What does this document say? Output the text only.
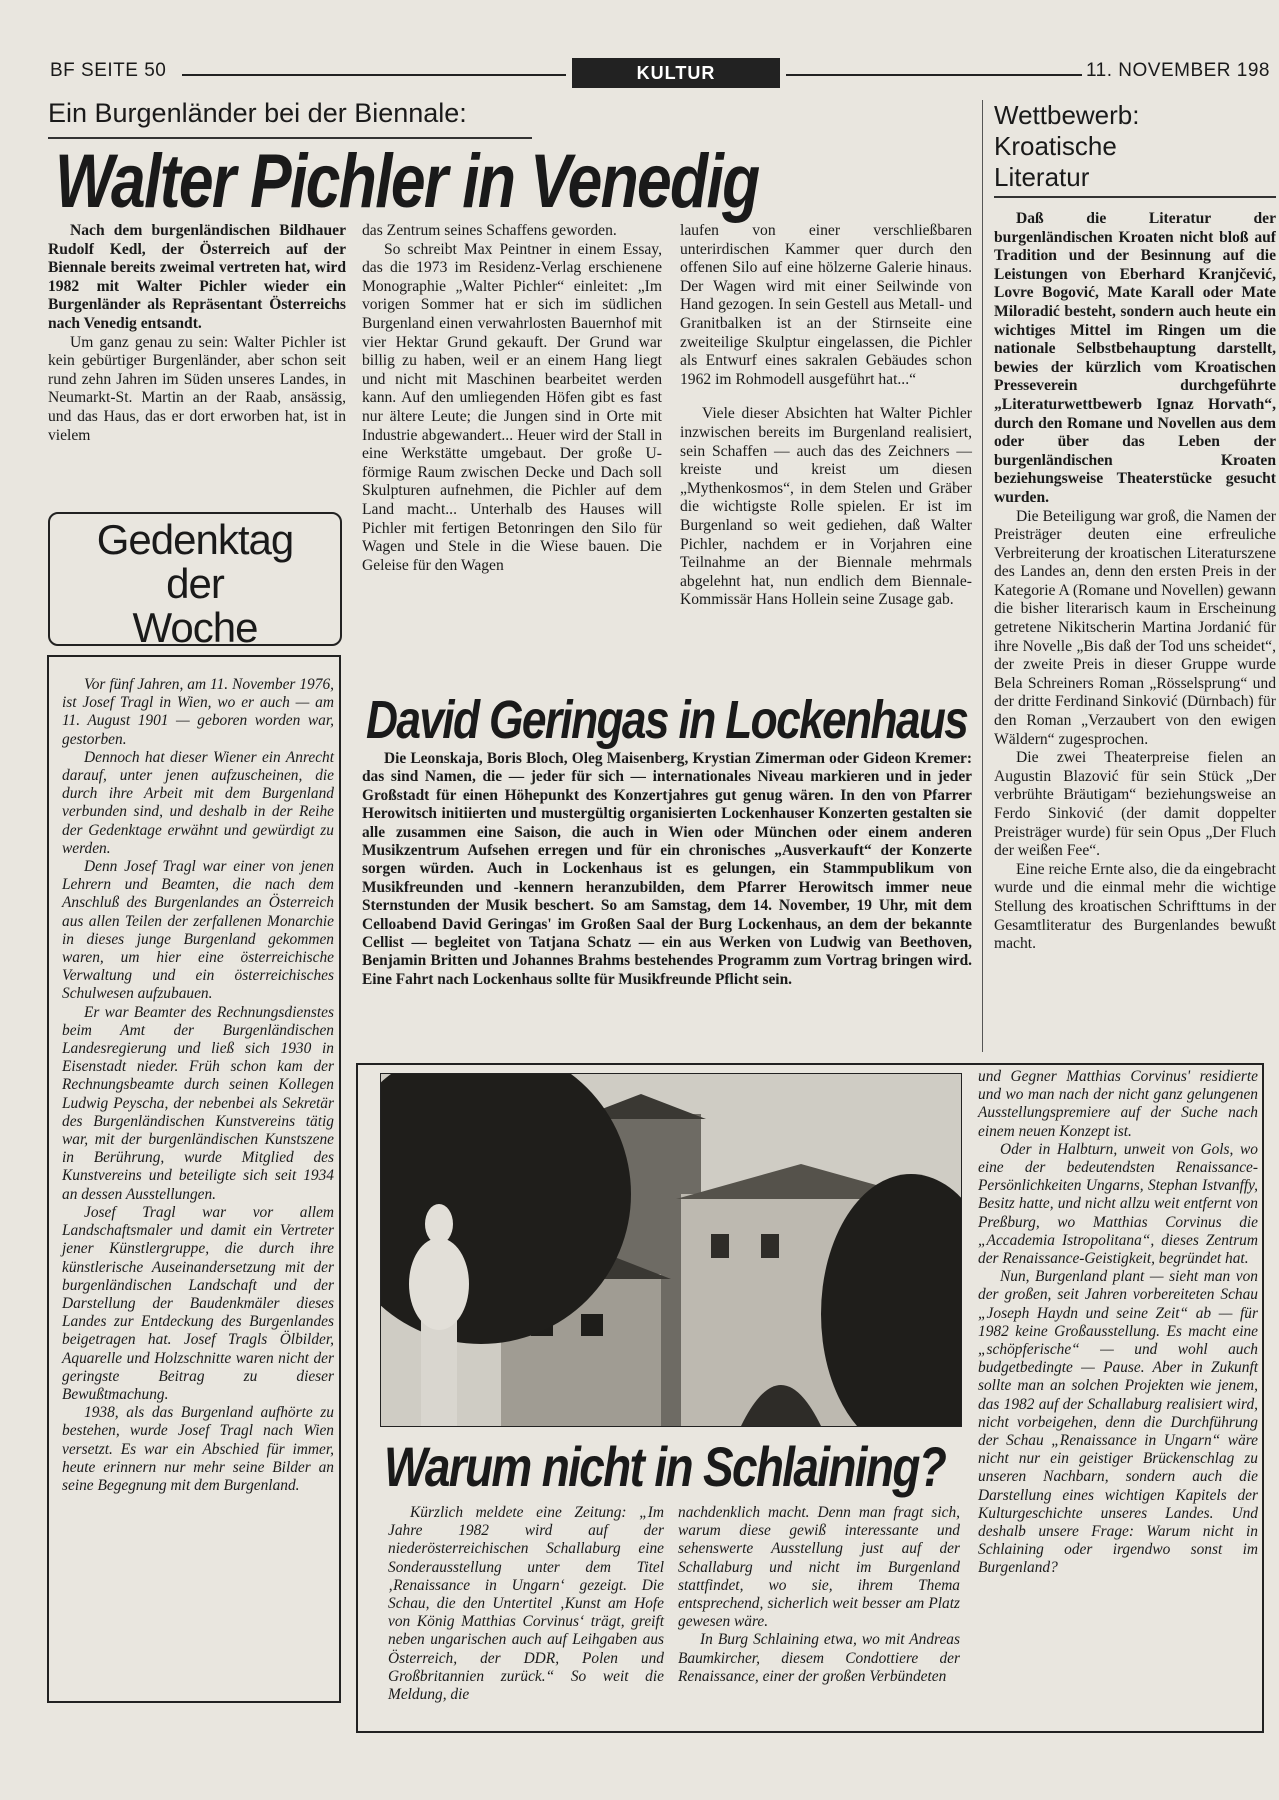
BF SEITE 50	KULTUR	11. NOVEMBER 198
Ein Burgenländer bei der Biennale:
Walter Pichler in Venedig

Nach dem burgenländischen Bildhauer Rudolf Kedl, der Österreich auf der Biennale bereits zweimal vertreten hat, wird 1982 mit Walter Pichler wieder ein Burgenländer als Repräsentant Österreichs nach Venedig entsandt.

Um ganz genau zu sein: Walter Pichler ist kein gebürtiger Burgenländer, aber schon seit rund zehn Jahren im Süden unseres Landes, in Neumarkt-St. Martin an der Raab, ansässig, und das Haus, das er dort erworben hat, ist in vielem

das Zentrum seines Schaffens geworden.

So schreibt Max Peintner in einem Essay, das die 1973 im Residenz-Verlag erschienene Monographie „Walter Pichler“ einleitet: „Im vorigen Sommer hat er sich im südlichen Burgenland einen verwahrlosten Bauernhof mit vier Hektar Grund gekauft. Der Grund war billig zu haben, weil er an einem Hang liegt und nicht mit Maschinen bearbeitet werden kann. Auf den umliegenden Höfen gibt es fast nur ältere Leute; die Jungen sind in Orte mit Industrie abgewandert... Heuer wird der Stall in eine Werkstätte umgebaut. Der große U-förmige Raum zwischen Decke und Dach soll Skulpturen aufnehmen, die Pichler auf dem Land macht... Unterhalb des Hauses will Pichler mit fertigen Betonringen den Silo für Wagen und Stele in die Wiese bauen. Die Geleise für den Wagen

laufen von einer verschließbaren unterirdischen Kammer quer durch den offenen Silo auf eine hölzerne Galerie hinaus. Der Wagen wird mit einer Seilwinde von Hand gezogen. In sein Gestell aus Metall- und Granitbalken ist an der Stirnseite eine zweiteilige Skulptur eingelassen, die Pichler als Entwurf eines sakralen Gebäudes schon 1962 im Rohmodell ausgeführt hat...“

Viele dieser Absichten hat Walter Pichler inzwischen bereits im Burgenland realisiert, sein Schaffen — auch das des Zeichners — kreiste und kreist um diesen „Mythenkosmos“, in dem Stelen und Gräber die wichtigste Rolle spielen. Er ist im Burgenland so weit gediehen, daß Walter Pichler, nachdem er in Vorjahren eine Teilnahme an der Biennale mehrmals abgelehnt hat, nun endlich dem Biennale-Kommissär Hans Hollein seine Zusage gab.

Gedenktag
der
Woche

Vor fünf Jahren, am 11. November 1976, ist Josef Tragl in Wien, wo er auch — am 11. August 1901 — geboren worden war, gestorben.

Dennoch hat dieser Wiener ein Anrecht darauf, unter jenen aufzuscheinen, die durch ihre Arbeit mit dem Burgenland verbunden sind, und deshalb in der Reihe der Gedenktage erwähnt und gewürdigt zu werden.

Denn Josef Tragl war einer von jenen Lehrern und Beamten, die nach dem Anschluß des Burgenlandes an Österreich aus allen Teilen der zerfallenen Monarchie in dieses junge Burgenland gekommen waren, um hier eine österreichische Verwaltung und ein österreichisches Schulwesen aufzubauen.

Er war Beamter des Rechnungsdienstes beim Amt der Burgenländischen Landesregierung und ließ sich 1930 in Eisenstadt nieder. Früh schon kam der Rechnungsbeamte durch seinen Kollegen Ludwig Peyscha, der nebenbei als Sekretär des Burgenländischen Kunstvereins tätig war, mit der burgenländischen Kunstszene in Berührung, wurde Mitglied des Kunstvereins und beteiligte sich seit 1934 an dessen Ausstellungen.

Josef Tragl war vor allem Landschaftsmaler und damit ein Vertreter jener Künstlergruppe, die durch ihre künstlerische Auseinandersetzung mit der burgenländischen Landschaft und der Darstellung der Baudenkmäler dieses Landes zur Entdeckung des Burgenlandes beigetragen hat. Josef Tragls Ölbilder, Aquarelle und Holzschnitte waren nicht der geringste Beitrag zu dieser Bewußtmachung.

1938, als das Burgenland aufhörte zu bestehen, wurde Josef Tragl nach Wien versetzt. Es war ein Abschied für immer, heute erinnern nur mehr seine Bilder an seine Begegnung mit dem Burgenland.

Wettbewerb:
Kroatische
Literatur

Daß die Literatur der burgenländischen Kroaten nicht bloß auf Tradition und der Besinnung auf die Leistungen von Eberhard Kranjčević, Lovre Bogović, Mate Karall oder Mate Miloradić besteht, sondern auch heute ein wichtiges Mittel im Ringen um die nationale Selbstbehauptung darstellt, bewies der kürzlich vom Kroatischen Presseverein durchgeführte „Literaturwettbewerb Ignaz Horvath“, durch den Romane und Novellen aus dem oder über das Leben der burgenländischen Kroaten beziehungsweise Theaterstücke gesucht wurden.

Die Beteiligung war groß, die Namen der Preisträger deuten eine erfreuliche Verbreiterung der kroatischen Literaturszene des Landes an, denn den ersten Preis in der Kategorie A (Romane und Novellen) gewann die bisher literarisch kaum in Erscheinung getretene Nikitscherin Martina Jordanić für ihre Novelle „Bis daß der Tod uns scheidet“, der zweite Preis in dieser Gruppe wurde Bela Schreiners Roman „Rösselsprung“ und der dritte Ferdinand Sinković (Dürnbach) für den Roman „Verzaubert von den ewigen Wäldern“ zugesprochen.

Die zwei Theaterpreise fielen an Augustin Blazović für sein Stück „Der verbrühte Bräutigam“ beziehungsweise an Ferdo Sinković (der damit doppelter Preisträger wurde) für sein Opus „Der Fluch der weißen Fee“.

Eine reiche Ernte also, die da eingebracht wurde und die einmal mehr die wichtige Stellung des kroatischen Schrifttums in der Gesamtliteratur des Burgenlandes bewußt macht.

David Geringas in Lockenhaus

Die Leonskaja, Boris Bloch, Oleg Maisenberg, Krystian Zimerman oder Gideon Kremer: das sind Namen, die — jeder für sich — internationales Niveau markieren und in jeder Großstadt für einen Höhepunkt des Konzertjahres gut genug wären. In den von Pfarrer Herowitsch initiierten und mustergültig organisierten Lockenhauser Konzerten gestalten sie alle zusammen eine Saison, die auch in Wien oder München oder einem anderen Musikzentrum Aufsehen erregen und für ein chronisches „Ausverkauft“ der Konzerte sorgen würden. Auch in Lockenhaus ist es gelungen, ein Stammpublikum von Musikfreunden und -kennern heranzubilden, dem Pfarrer Herowitsch immer neue Sternstunden der Musik beschert. So am Samstag, dem 14. November, 19 Uhr, mit dem Celloabend David Geringas' im Großen Saal der Burg Lockenhaus, an dem der bekannte Cellist — begleitet von Tatjana Schatz — ein aus Werken von Ludwig van Beethoven, Benjamin Britten und Johannes Brahms bestehendes Programm zum Vortrag bringen wird. Eine Fahrt nach Lockenhaus sollte für Musikfreunde Pflicht sein.

Warum nicht in Schlaining?

Kürzlich meldete eine Zeitung: „Im Jahre 1982 wird auf der niederösterreichischen Schallaburg eine Sonderausstellung unter dem Titel ‚Renaissance in Ungarn‘ gezeigt. Die Schau, die den Untertitel ‚Kunst am Hofe von König Matthias Corvinus‘ trägt, greift neben ungarischen auch auf Leihgaben aus Österreich, der DDR, Polen und Großbritannien zurück.“ So weit die Meldung, die

nachdenklich macht. Denn man fragt sich, warum diese gewiß interessante und sehenswerte Ausstellung just auf der Schallaburg und nicht im Burgenland stattfindet, wo sie, ihrem Thema entsprechend, sicherlich weit besser am Platz gewesen wäre.

In Burg Schlaining etwa, wo mit Andreas Baumkircher, diesem Condottiere der Renaissance, einer der großen Verbündeten

und Gegner Matthias Corvinus' residierte und wo man nach der nicht ganz gelungenen Ausstellungspremiere auf der Suche nach einem neuen Konzept ist.

Oder in Halbturn, unweit von Gols, wo eine der bedeutendsten Renaissance-Persönlichkeiten Ungarns, Stephan Istvanffy, Besitz hatte, und nicht allzu weit entfernt von Preßburg, wo Matthias Corvinus die „Accademia Istropolitana“, dieses Zentrum der Renaissance-Geistigkeit, begründet hat.

Nun, Burgenland plant — sieht man von der großen, seit Jahren vorbereiteten Schau „Joseph Haydn und seine Zeit“ ab — für 1982 keine Großausstellung. Es macht eine „schöpferische“ — und wohl auch budgetbedingte — Pause. Aber in Zukunft sollte man an solchen Projekten wie jenem, das 1982 auf der Schallaburg realisiert wird, nicht vorbeigehen, denn die Durchführung der Schau „Renaissance in Ungarn“ wäre nicht nur ein geistiger Brückenschlag zu unseren Nachbarn, sondern auch die Darstellung eines wichtigen Kapitels der Kulturgeschichte unseres Landes. Und deshalb unsere Frage: Warum nicht in Schlaining oder irgendwo sonst im Burgenland?
